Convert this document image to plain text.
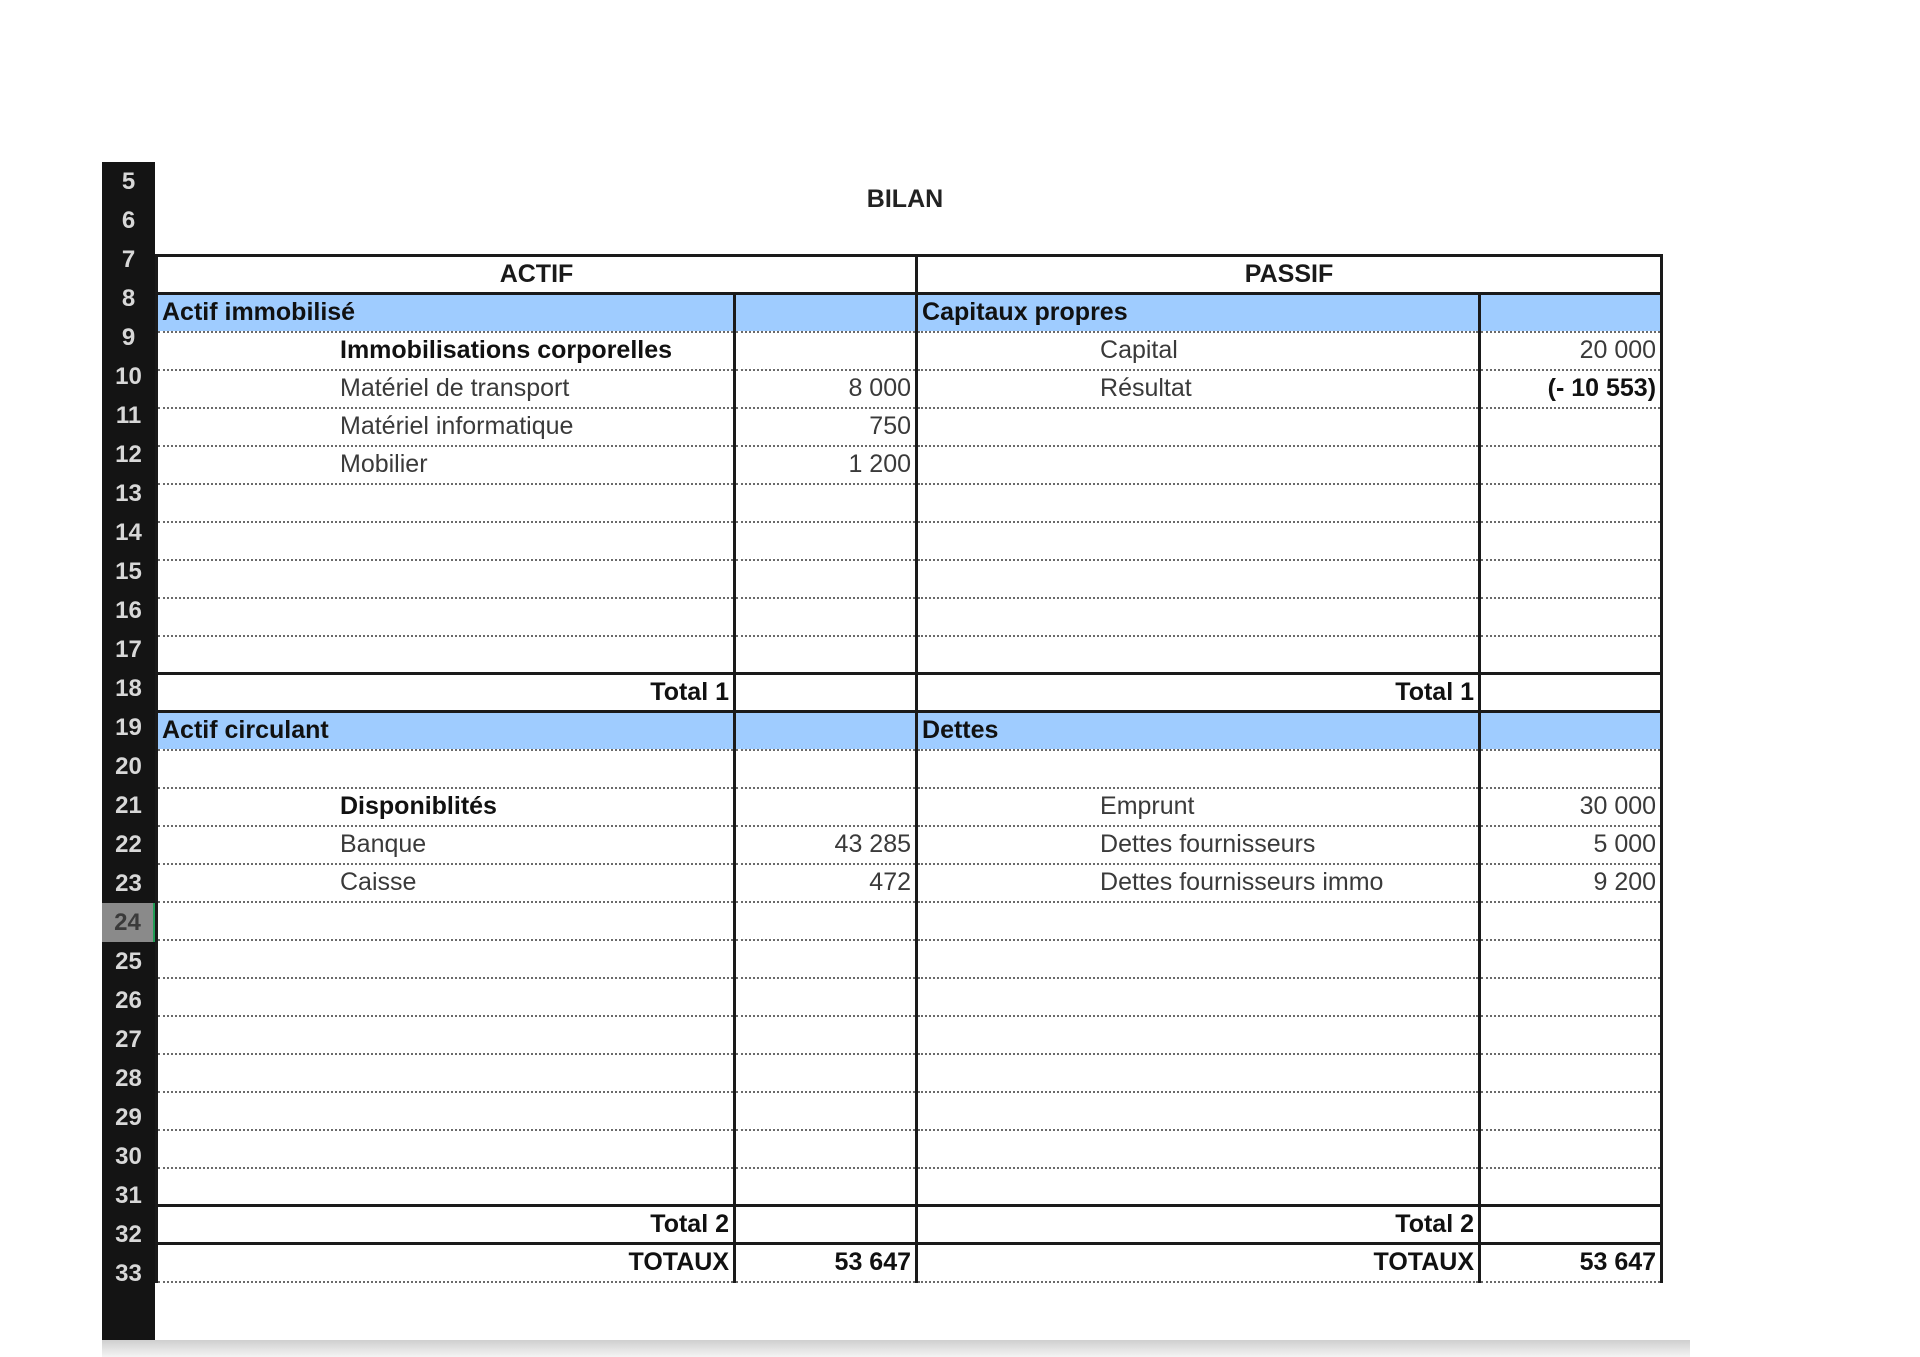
5
6
7
8
9
10
11
12
13
14
15
16
17
18
19
20
21
22
23
24
25
26
27
28
29
30
31
32
33
BILAN
ACTIF		PASSIF	
Actif immobilisé		Capitaux propres	
Immobilisations corporelles		Capital	20 000
Matériel de transport	8 000	Résultat	(- 10 553)
Matériel informatique	750		
Mobilier	1 200		

Total 1		Total 1	
Actif circulant		Dettes	

Disponiblités		Emprunt	30 000
Banque	43 285	Dettes fournisseurs	5 000
Caisse	472	Dettes fournisseurs immo	9 200

Total 2		Total 2	
TOTAUX	53 647	TOTAUX	53 647
